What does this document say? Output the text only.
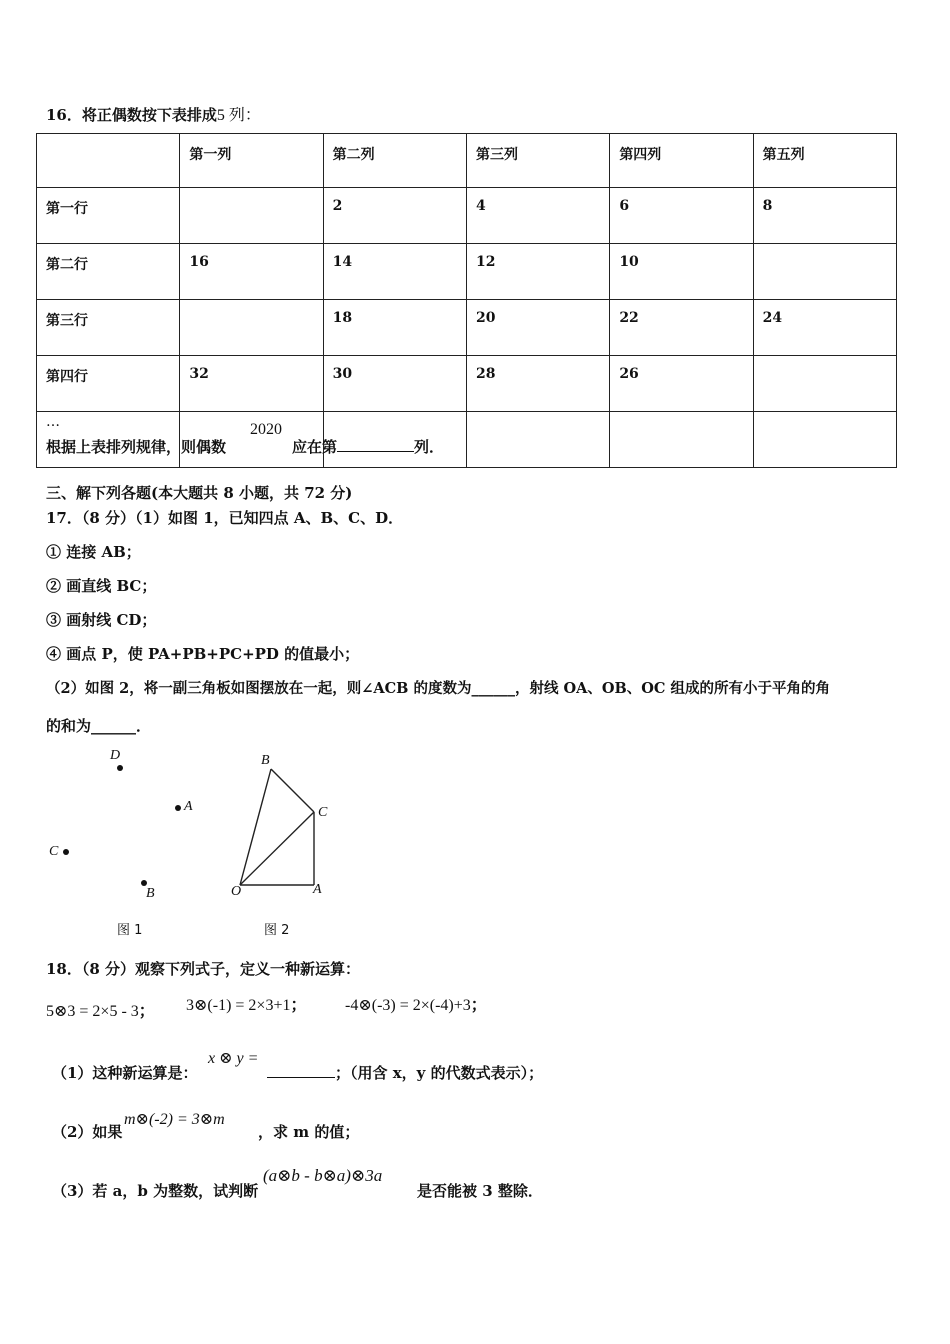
16．将正偶数按下表排成5 列：
	第一列	第二列	第三列	第四列	第五列
第一行		2	4	6	8
第二行	16	14	12	10	
第三行		18	20	22	24
第四行	32	30	28	26	
…					
根据上表排列规律，则偶数
2020
应在第	列．
三、解下列各题(本大题共 8 小题，共 72 分)
17．（8 分）（1）如图 1，已知四点 A、B、C、D．
① 连接 AB；
② 画直线 BC；
③ 画射线 CD；
④ 画点 P，使 PA+PB+PC+PD 的值最小；
（2）如图 2，将一副三角板如图摆放在一起，则∠ACB 的度数为______，射线 OA、OB、OC 组成的所有小于平角的角
的和为______．
D
A
C
B
图 1
B
C
O	A
图 2
18．（8 分）观察下列式子，定义一种新运算：
5⊗3 = 2×5 - 3； 3⊗(-1) = 2×3+1； -4⊗(-3) = 2×(-4)+3；
（1）这种新运算是：
x ⊗ y =
；（用含 x，y 的代数式表示）；
（2）如果
m⊗(-2) = 3⊗m
，求 m 的值；
（3）若 a，b 为整数，试判断
(a⊗b - b⊗a)⊗3a
是否能被 3 整除．
